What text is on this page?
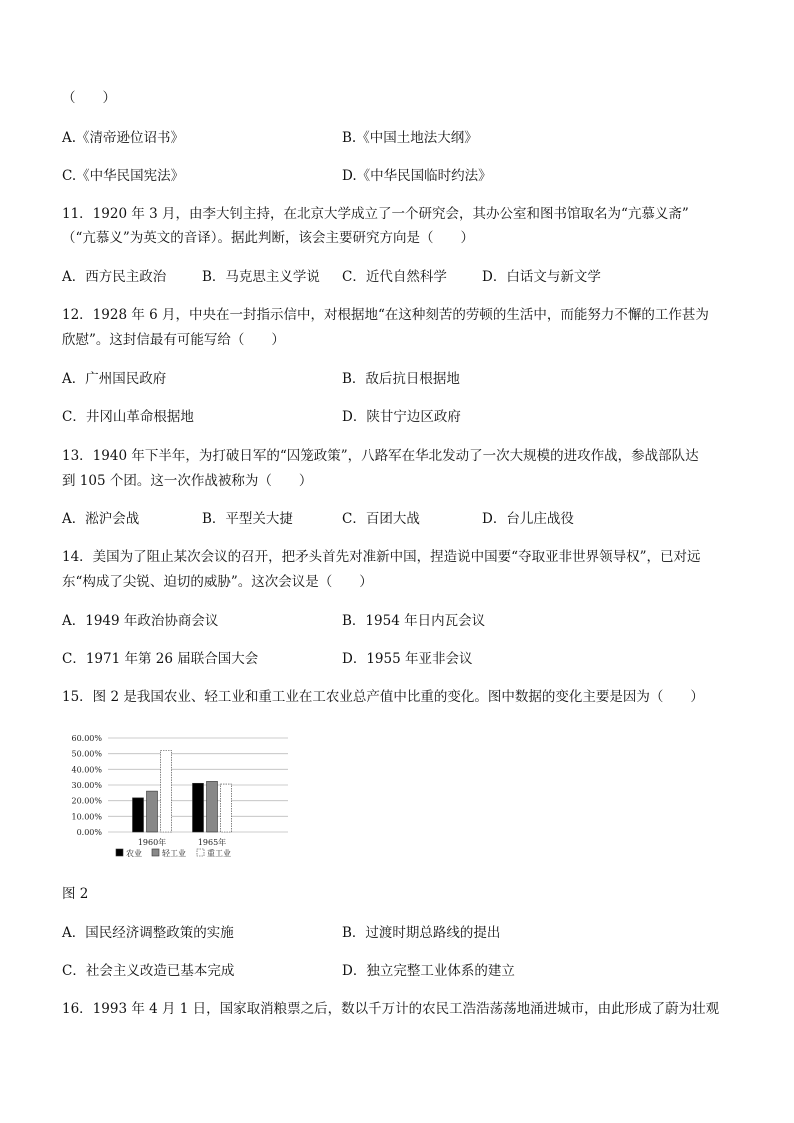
（　　）
A.《清帝逊位诏书》	B.《中国土地法大纲》
C.《中华民国宪法》	D.《中华民国临时约法》
11．1920 年 3 月，由李大钊主持，在北京大学成立了一个研究会，其办公室和图书馆取名为“亢慕义斋”
（“亢慕义”为英文的音译）。据此判断，该会主要研究方向是（　　）
A．西方民主政治	B．马克思主义学说 C．近代自然科学	D．白话文与新文学
12．1928 年 6 月，中央在一封指示信中，对根据地“在这种刻苦的劳顿的生活中，而能努力不懈的工作甚为
欣慰”。这封信最有可能写给（　　）
A．广州国民政府	B．敌后抗日根据地
C．井冈山革命根据地	D．陕甘宁边区政府
13．1940 年下半年，为打破日军的“囚笼政策”，八路军在华北发动了一次大规模的进攻作战，参战部队达
到 105 个团。这一次作战被称为（　　）
A．淞沪会战	B．平型关大捷	C．百团大战	D．台儿庄战役
14．美国为了阻止某次会议的召开，把矛头首先对准新中国，捏造说中国要“夺取亚非世界领导权”，已对远
东“构成了尖锐、迫切的威胁”。这次会议是（　　）
A．1949 年政治协商会议	B．1954 年日内瓦会议
C．1971 年第 26 届联合国大会	D．1955 年亚非会议
15．图 2 是我国农业、轻工业和重工业在工农业总产值中比重的变化。图中数据的变化主要是因为（　　）
0.00%
10.00%
20.00%
30.00%
40.00%
50.00%
60.00%
1960年	1965年
农业	轻工业	重工业
图 2
A．国民经济调整政策的实施	B．过渡时期总路线的提出
C．社会主义改造已基本完成	D．独立完整工业体系的建立
16．1993 年 4 月 1 日，国家取消粮票之后，数以千万计的农民工浩浩荡荡地涌进城市，由此形成了蔚为壮观
